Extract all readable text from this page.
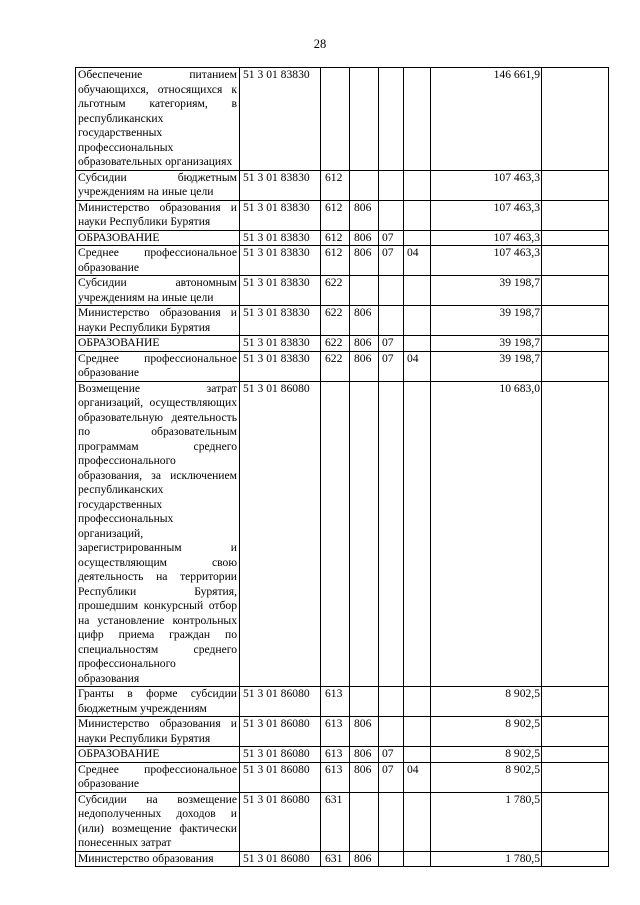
28
Обеспечение питанием обучающихся, относящихся к льготным категориям, в республиканских государственных профессиональных образовательных организациях	51 3 01 83830					146 661,9	
Субсидии бюджетным учреждениям на иные цели	51 3 01 83830	612				107 463,3	
Министерство образования и науки Республики Бурятия	51 3 01 83830	612	806			107 463,3	
ОБРАЗОВАНИЕ	51 3 01 83830	612	806	07		107 463,3	
Среднее профессиональное образование	51 3 01 83830	612	806	07	04	107 463,3	
Субсидии автономным учреждениям на иные цели	51 3 01 83830	622				39 198,7	
Министерство образования и науки Республики Бурятия	51 3 01 83830	622	806			39 198,7	
ОБРАЗОВАНИЕ	51 3 01 83830	622	806	07		39 198,7	
Среднее профессиональное образование	51 3 01 83830	622	806	07	04	39 198,7	
Возмещение затрат организаций, осуществляющих образовательную деятельность по образовательным программам среднего профессионального образования, за исключением республиканских государственных профессиональных организаций, зарегистрированным и осуществляющим свою деятельность на территории Республики Бурятия, прошедшим конкурсный отбор на установление контрольных цифр приема граждан по специальностям среднего профессионального образования	51 3 01 86080					10 683,0	
Гранты в форме субсидии бюджетным учреждениям	51 3 01 86080	613				8 902,5	
Министерство образования и науки Республики Бурятия	51 3 01 86080	613	806			8 902,5	
ОБРАЗОВАНИЕ	51 3 01 86080	613	806	07		8 902,5	
Среднее профессиональное образование	51 3 01 86080	613	806	07	04	8 902,5	
Субсидии на возмещение недополученных доходов и (или) возмещение фактически понесенных затрат	51 3 01 86080	631				1 780,5	
Министерство образования	51 3 01 86080	631	806			1 780,5	
